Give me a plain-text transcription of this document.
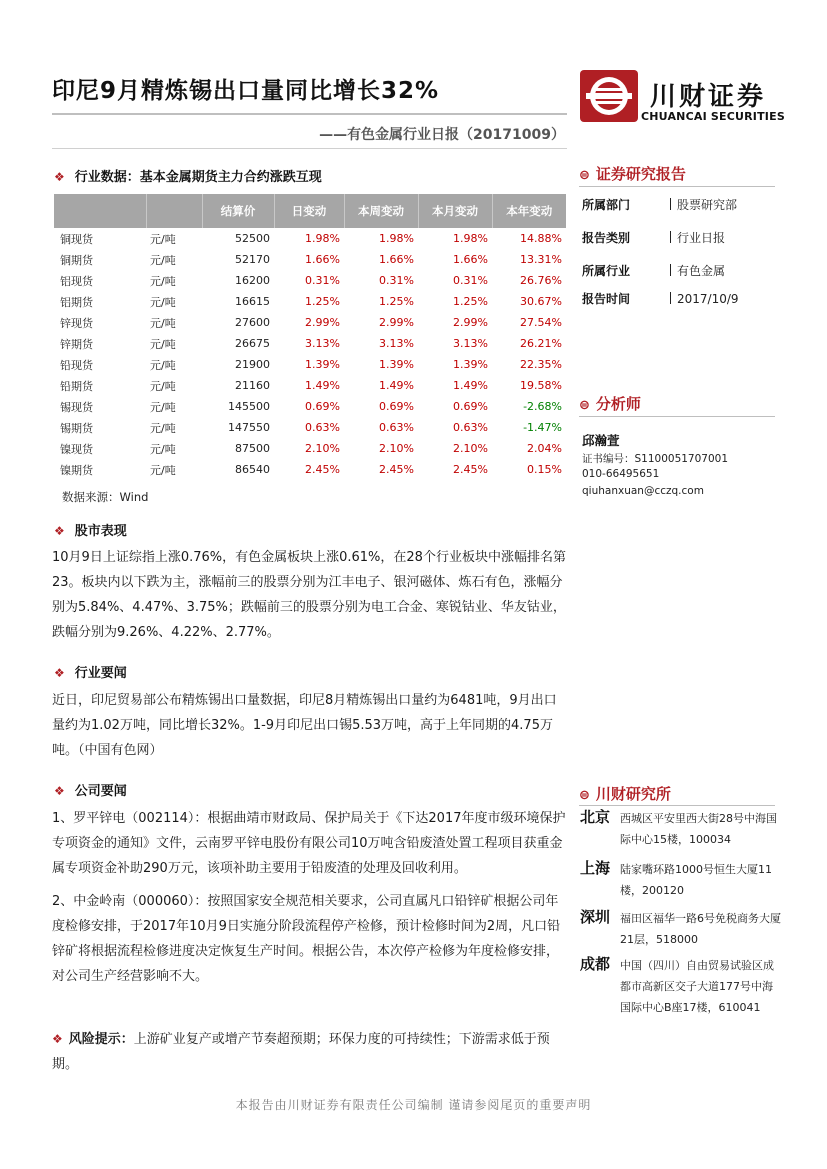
印尼9月精炼锡出口量同比增长32%
——有色金属行业日报（20171009）
川财证券
CHUANCAI SECURITIES
❖ 行业数据：基本金属期货主力合约涨跌互现
		结算价	日变动	本周变动	本月变动	本年变动
铜现货	元/吨	52500	1.98%	1.98%	1.98%	14.88%
铜期货	元/吨	52170	1.66%	1.66%	1.66%	13.31%
铝现货	元/吨	16200	0.31%	0.31%	0.31%	26.76%
铝期货	元/吨	16615	1.25%	1.25%	1.25%	30.67%
锌现货	元/吨	27600	2.99%	2.99%	2.99%	27.54%
锌期货	元/吨	26675	3.13%	3.13%	3.13%	26.21%
铅现货	元/吨	21900	1.39%	1.39%	1.39%	22.35%
铅期货	元/吨	21160	1.49%	1.49%	1.49%	19.58%
锡现货	元/吨	145500	0.69%	0.69%	0.69%	-2.68%
锡期货	元/吨	147550	0.63%	0.63%	0.63%	-1.47%
镍现货	元/吨	87500	2.10%	2.10%	2.10%	2.04%
镍期货	元/吨	86540	2.45%	2.45%	2.45%	0.15%
数据来源：Wind
❖ 股市表现

10月9日上证综指上涨0.76%，有色金属板块上涨0.61%，在28个行业板块中涨幅排名第23。板块内以下跌为主，涨幅前三的股票分别为江丰电子、银河磁体、炼石有色，涨幅分别为5.84%、4.47%、3.75%；跌幅前三的股票分别为电工合金、寒锐钴业、华友钴业，跌幅分别为9.26%、4.22%、2.77%。

❖ 行业要闻

近日，印尼贸易部公布精炼锡出口量数据，印尼8月精炼锡出口量约为6481吨，9月出口量约为1.02万吨，同比增长32%。1-9月印尼出口锡5.53万吨，高于上年同期的4.75万吨。（中国有色网）

❖ 公司要闻

1、罗平锌电（002114）：根据曲靖市财政局、保护局关于《下达2017年度市级环境保护专项资金的通知》文件，云南罗平锌电股份有限公司10万吨含铅废渣处置工程项目获重金属专项资金补助290万元，该项补助主要用于铅废渣的处理及回收利用。

2、中金岭南（000060）：按照国家安全规范相关要求，公司直属凡口铅锌矿根据公司年度检修安排，于2017年10月9日实施分阶段流程停产检修，预计检修时间为2周，凡口铅锌矿将根据流程检修进度决定恢复生产时间。根据公告，本次停产检修为年度检修安排，对公司生产经营影响不大。

❖ 风险提示：上游矿业复产或增产节奏超预期；环保力度的可持续性；下游需求低于预期。

⊜ 证券研究报告
所属部门	股票研究部
报告类别	行业日报
所属行业	有色金属
报告时间	2017/10/9
⊜ 分析师
邱瀚萱
证书编号：S1100051707001
010-66495651
qiuhanxuan@cczq.com
⊜ 川财研究所
北京 西城区平安里西大街28号中海国际中心15楼，100034
上海 陆家嘴环路1000号恒生大厦11楼，200120
深圳 福田区福华一路6号免税商务大厦21层，518000
成都 中国（四川）自由贸易试验区成都市高新区交子大道177号中海国际中心B座17楼，610041
本报告由川财证券有限责任公司编制 谨请参阅尾页的重要声明
